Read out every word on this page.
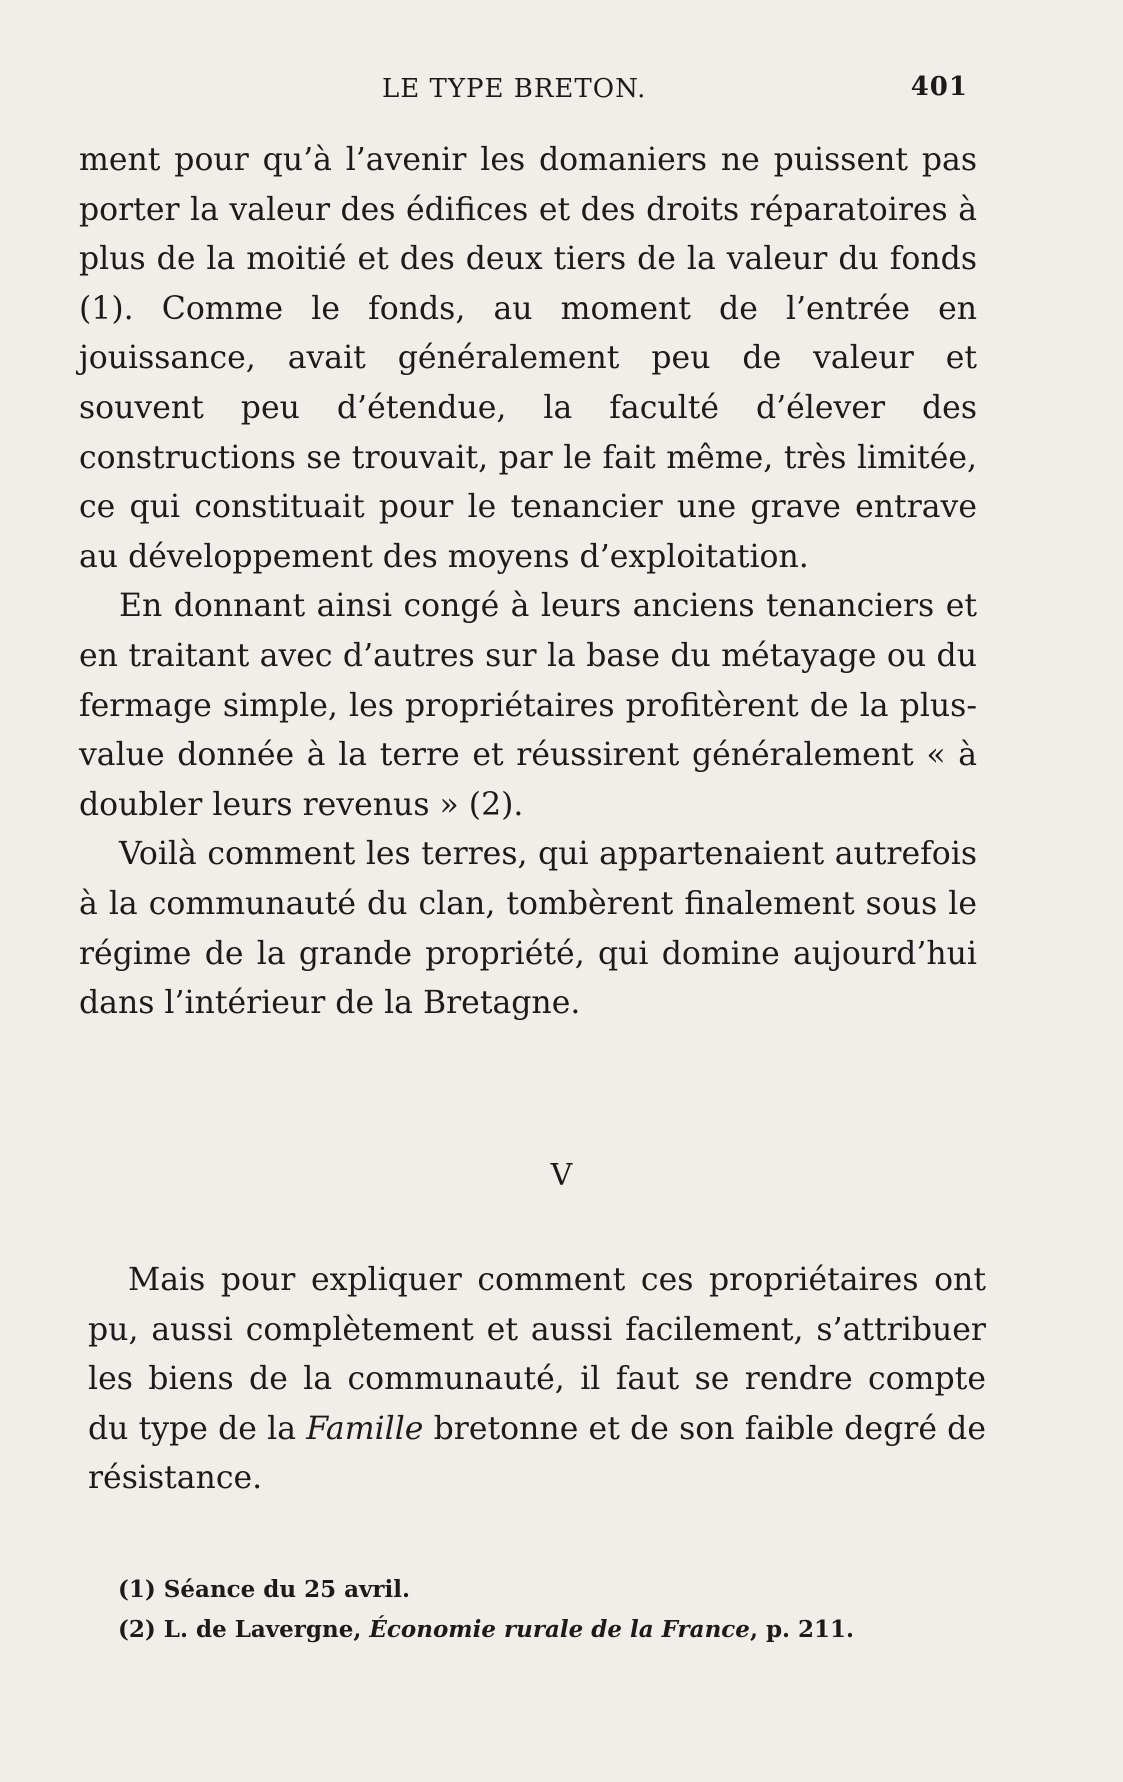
LE TYPE BRETON.	401

ment pour qu’à l’avenir les domaniers ne puissent pas porter la valeur des édifices et des droits réparatoires à plus de la moitié et des deux tiers de la valeur du fonds (1). Comme le fonds, au moment de l’entrée en jouissance, avait généralement peu de valeur et souvent peu d’étendue, la faculté d’élever des constructions se trouvait, par le fait même, très limitée, ce qui constituait pour le tenancier une grave entrave au développement des moyens d’exploitation.

En donnant ainsi congé à leurs anciens tenanciers et en traitant avec d’autres sur la base du métayage ou du fermage simple, les propriétaires profitèrent de la plus-value donnée à la terre et réussirent généralement « à doubler leurs revenus » (2).

Voilà comment les terres, qui appartenaient autrefois à la communauté du clan, tombèrent finalement sous le régime de la grande propriété, qui domine aujourd’hui dans l’intérieur de la Bretagne.

V

Mais pour expliquer comment ces propriétaires ont pu, aussi complètement et aussi facilement, s’attribuer les biens de la communauté, il faut se rendre compte du type de la Famille bretonne et de son faible degré de résistance.

(1) Séance du 25 avril.
(2) L. de Lavergne, Économie rurale de la France, p. 211.
